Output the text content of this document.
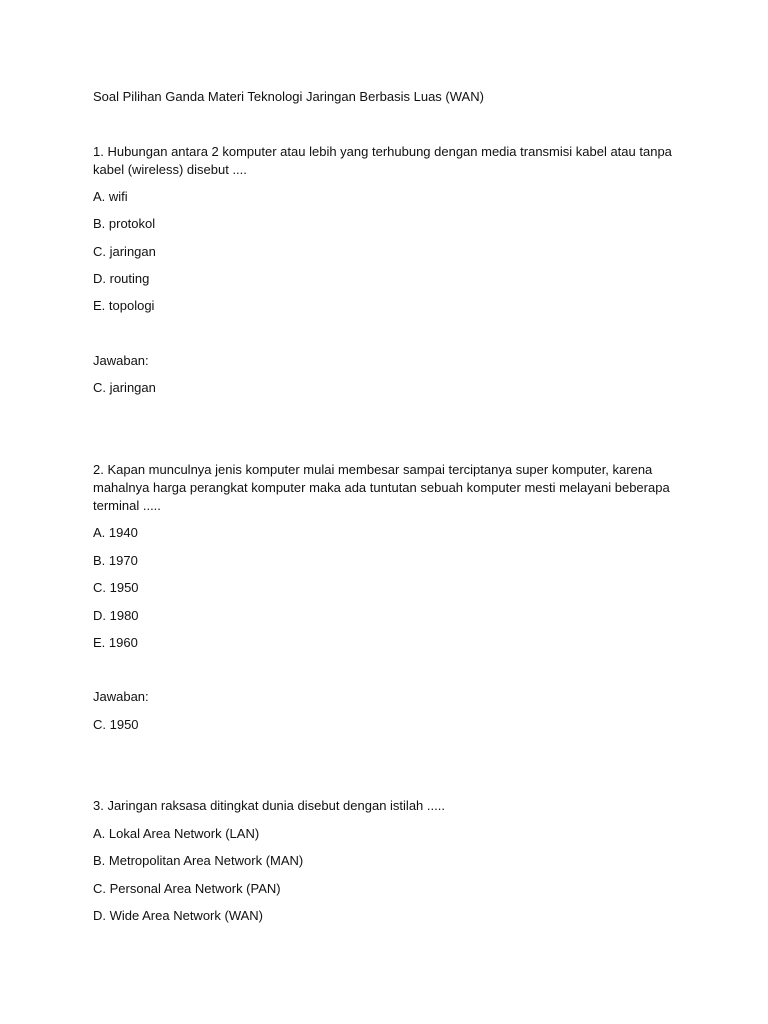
Soal Pilihan Ganda Materi Teknologi Jaringan Berbasis Luas (WAN)
1. Hubungan antara 2 komputer atau lebih yang terhubung dengan media transmisi kabel atau tanpa
kabel (wireless) disebut ....
A. wifi
B. protokol
C. jaringan
D. routing
E. topologi
Jawaban:
C. jaringan
2. Kapan munculnya jenis komputer mulai membesar sampai terciptanya super komputer, karena
mahalnya harga perangkat komputer maka ada tuntutan sebuah komputer mesti melayani beberapa
terminal .....
A. 1940
B. 1970
C. 1950
D. 1980
E. 1960
Jawaban:
C. 1950
3. Jaringan raksasa ditingkat dunia disebut dengan istilah .....
A. Lokal Area Network (LAN)
B. Metropolitan Area Network (MAN)
C. Personal Area Network (PAN)
D. Wide Area Network (WAN)
